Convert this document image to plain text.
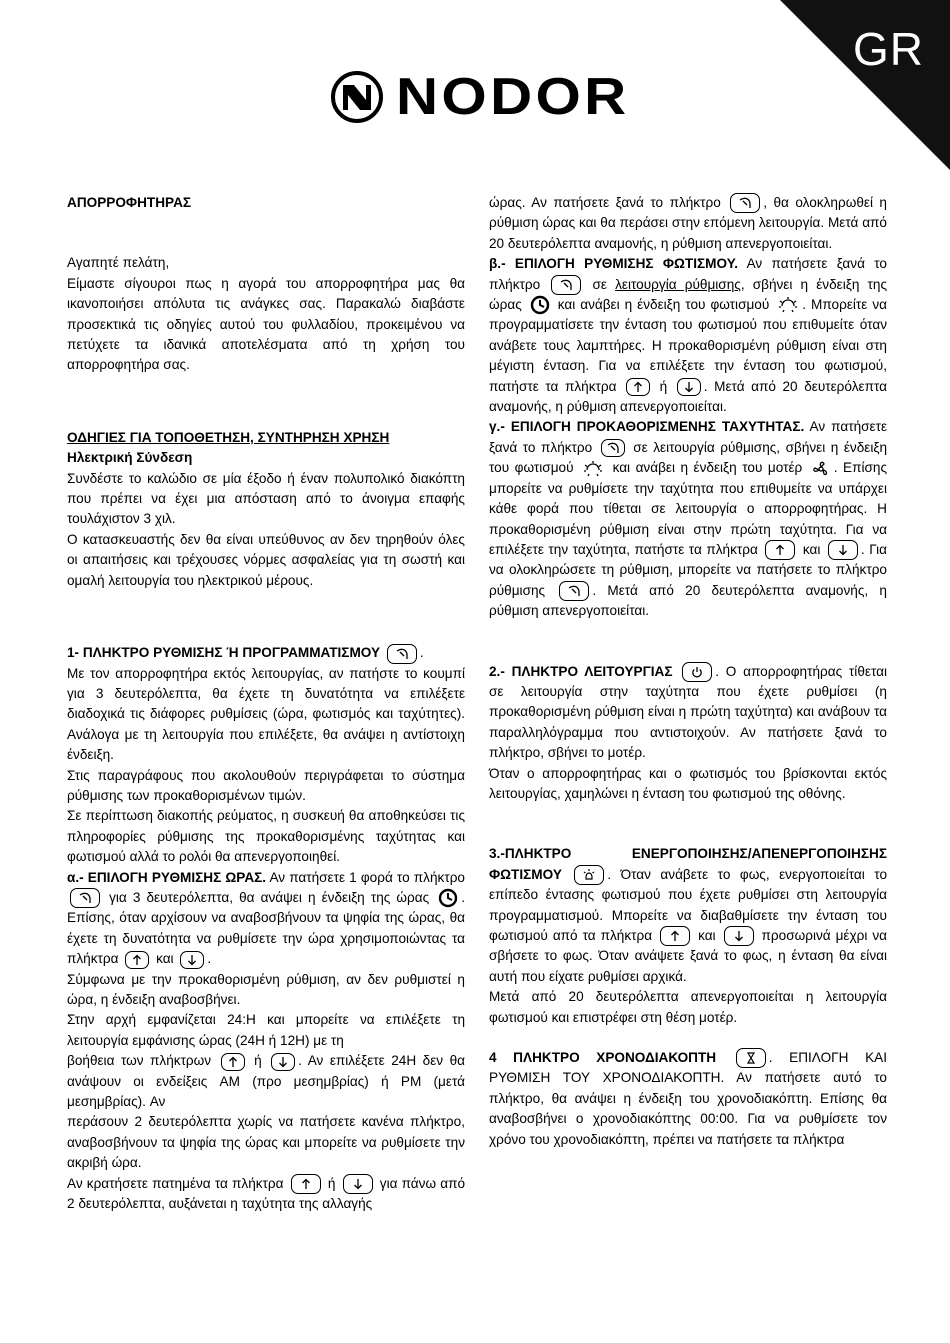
GR
NODOR

ΑΠΟΡΡΟΦΗΤΗΡΑΣ

Αγαπητέ πελάτη,

Είμαστε σίγουροι πως η αγορά του απορροφητήρα μας θα ικανοποιήσει απόλυτα τις ανάγκες σας. Παρακαλώ διαβάστε προσεκτικά τις οδηγίες αυτού του φυλλαδίου, προκειμένου να πετύχετε τα ιδανικά αποτελέσματα από τη χρήση του απορροφητήρα σας.

ΟΔΗΓΙΕΣ ΓΙΑ ΤΟΠΟΘΕΤΗΣΗ, ΣΥΝΤΗΡΗΣΗ ΧΡΗΣΗ

Ηλεκτρική Σύνδεση

Συνδέστε το καλώδιο σε μία έξοδο ή έναν πολυπολικό διακόπτη που πρέπει να έχει μια απόσταση από το άνοιγμα επαφής τουλάχιστον 3 χιλ.

Ο κατασκευαστής δεν θα είναι υπεύθυνος αν δεν τηρηθούν όλες οι απαιτήσεις και τρέχουσες νόρμες ασφαλείας για τη σωστή και ομαλή λειτουργία του ηλεκτρικού μέρους.

1- ΠΛΗΚΤΡΟ ΡΥΘΜΙΣΗΣ Ή ΠΡΟΓΡΑΜΜΑΤΙΣΜΟΥ	.

Με τον απορροφητήρα εκτός λειτουργίας, αν πατήστε το κουμπί για 3 δευτερόλεπτα, θα έχετε τη δυνατότητα να επιλέξετε διαδοχικά τις διάφορες ρυθμίσεις (ώρα, φωτισμός και ταχύτητες). Ανάλογα με τη λειτουργία που επιλέξετε, θα ανάψει η αντίστοιχη ένδειξη.

Στις παραγράφους που ακολουθούν περιγράφεται το σύστημα ρύθμισης των προκαθορισμένων τιμών.

Σε περίπτωση διακοπής ρεύματος, η συσκευή θα αποθηκεύσει τις πληροφορίες ρύθμισης της προκαθορισμένης ταχύτητας και φωτισμού αλλά το ρολόι θα απενεργοποιηθεί.

α.- ΕΠΙΛΟΓΗ ΡΥΘΜΙΣΗΣ ΩΡΑΣ. Αν πατήσετε 1 φορά το πλήκτρο
για 3 δευτερόλεπτα, θα ανάψει η ένδειξη της ώρας . Επίσης, όταν αρχίσουν να αναβοσβήνουν τα ψηφία της ώρας, θα έχετε τη δυνατότητα να ρυθμίσετε την ώρα χρησιμοποιώντας τα πλήκτρα	και .

Σύμφωνα με την προκαθορισμένη ρύθμιση, αν δεν ρυθμιστεί η ώρα, η ένδειξη αναβοσβήνει.

Στην αρχή εμφανίζεται 24:Η και μπορείτε να επιλέξετε τη λειτουργία εμφάνισης ώρας (24Η ή 12Η) με τη

βοήθεια των πλήκτρων	ή	. Αν επιλέξετε 24Η δεν θα ανάψουν οι ενδείξεις AM (προ μεσημβρίας) ή PM (μετά μεσημβρίας). Αν

περάσουν 2 δευτερόλεπτα χωρίς να πατήσετε κανένα πλήκτρο, αναβοσβήνουν τα ψηφία της ώρας και μπορείτε να ρυθμίσετε την ακριβή ώρα.

Αν κρατήσετε πατημένα τα πλήκτρα	ή	για πάνω από 2 δευτερόλεπτα, αυξάνεται η ταχύτητα της αλλαγής

ώρας. Αν πατήσετε ξανά το πλήκτρο	, θα ολοκληρωθεί η ρύθμιση ώρας και θα περάσει στην επόμενη λειτουργία. Μετά από 20 δευτερόλεπτα αναμονής, η ρύθμιση απενεργοποιείται.

β.- ΕΠΙΛΟΓΗ ΡΥΘΜΙΣΗΣ ΦΩΤΙΣΜΟΥ. Αν πατήσετε ξανά το πλήκτρο	σε λειτουργία ρύθμισης, σβήνει η ένδειξη της ώρας	και ανάβει η ένδειξη του φωτισμού . Μπορείτε να προγραμματίσετε την ένταση του φωτισμού που επιθυμείτε όταν ανάβετε τους λαμπτήρες. Η προκαθορισμένη ρύθμιση είναι στη μέγιστη ένταση. Για να επιλέξετε την ένταση του φωτισμού, πατήστε τα πλήκτρα	ή	. Μετά από 20 δευτερόλεπτα αναμονής, η ρύθμιση απενεργοποιείται.

γ.- ΕΠΙΛΟΓΗ ΠΡΟΚΑΘΟΡΙΣΜΕΝΗΣ ΤΑΧΥΤΗΤΑΣ. Αν πατήσετε ξανά το πλήκτρο	σε λειτουργία ρύθμισης, σβήνει η ένδειξη του φωτισμού	και ανάβει η ένδειξη του μοτέρ . Επίσης μπορείτε να ρυθμίσετε την ταχύτητα που επιθυμείτε να υπάρχει κάθε φορά που τίθεται σε λειτουργία ο απορροφητήρας. Η προκαθορισμένη ρύθμιση είναι στην πρώτη ταχύτητα. Για να επιλέξετε την ταχύτητα, πατήστε τα πλήκτρα	και	. Για να ολοκληρώσετε τη ρύθμιση, μπορείτε να πατήσετε το πλήκτρο ρύθμισης	. Μετά από 20 δευτερόλεπτα αναμονής, η ρύθμιση απενεργοποιείται.

2.- ΠΛΗΚΤΡΟ ΛΕΙΤΟΥΡΓΙΑΣ	. Ο απορροφητήρας τίθεται σε λειτουργία στην ταχύτητα που έχετε ρυθμίσει (η προκαθορισμένη ρύθμιση είναι η πρώτη ταχύτητα) και ανάβουν τα παραλληλόγραμμα που αντιστοιχούν. Αν πατήσετε ξανά το πλήκτρο, σβήνει το μοτέρ.

Όταν ο απορροφητήρας και ο φωτισμός του βρίσκονται εκτός λειτουργίας, χαμηλώνει η ένταση του φωτισμού της οθόνης.

3.-ΠΛΗΚΤΡΟ ΕΝΕΡΓΟΠΟΙΗΣΗΣ/ΑΠΕΝΕΡΓΟΠΟΙΗΣΗΣ ΦΩΤΙΣΜΟΥ	. Όταν ανάβετε το φως, ενεργοποιείται το επίπεδο έντασης φωτισμού που έχετε ρυθμίσει στη λειτουργία προγραμματισμού. Μπορείτε να διαβαθμίσετε την ένταση του φωτισμού από τα πλήκτρα	και	προσωρινά μέχρι να σβήσετε το φως. Όταν ανάψετε ξανά το φως, η ένταση θα είναι αυτή που είχατε ρυθμίσει αρχικά.

Μετά από 20 δευτερόλεπτα απενεργοποιείται η λειτουργία φωτισμού και επιστρέφει στη θέση μοτέρ.

4 ΠΛΗΚΤΡΟ ΧΡΟΝΟΔΙΑΚΟΠΤΗ	. ΕΠΙΛΟΓΗ ΚΑΙ ΡΥΘΜΙΣΗ ΤΟΥ ΧΡΟΝΟΔΙΑΚΟΠΤΗ. Αν πατήσετε αυτό το πλήκτρο, θα ανάψει η ένδειξη του χρονοδιακόπτη. Επίσης θα αναβοσβήνει ο χρονοδιακόπτης 00:00. Για να ρυθμίσετε τον χρόνο του χρονοδιακόπτη, πρέπει να πατήσετε τα πλήκτρα
